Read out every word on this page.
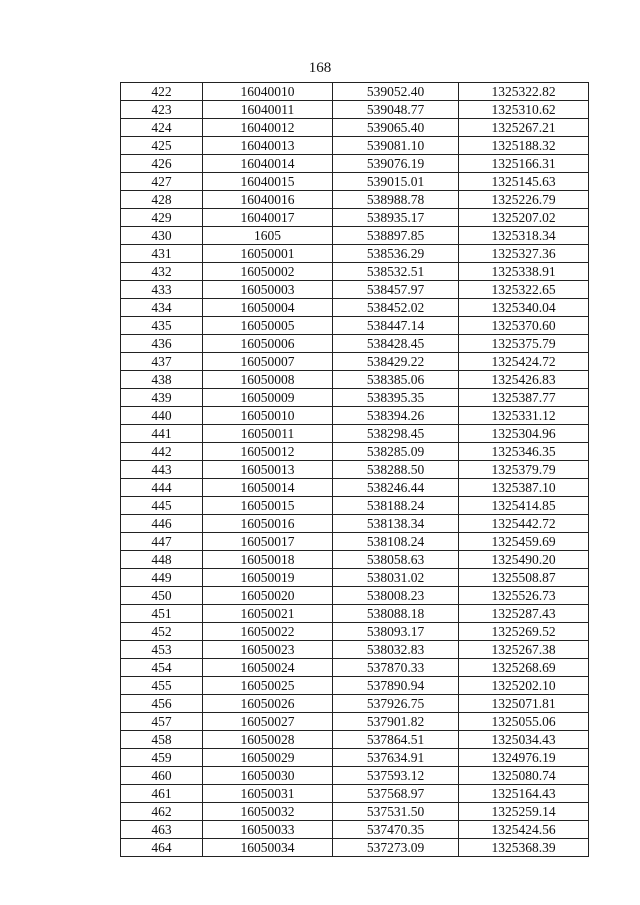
168
422	16040010	539052.40	1325322.82
423	16040011	539048.77	1325310.62
424	16040012	539065.40	1325267.21
425	16040013	539081.10	1325188.32
426	16040014	539076.19	1325166.31
427	16040015	539015.01	1325145.63
428	16040016	538988.78	1325226.79
429	16040017	538935.17	1325207.02
430	1605	538897.85	1325318.34
431	16050001	538536.29	1325327.36
432	16050002	538532.51	1325338.91
433	16050003	538457.97	1325322.65
434	16050004	538452.02	1325340.04
435	16050005	538447.14	1325370.60
436	16050006	538428.45	1325375.79
437	16050007	538429.22	1325424.72
438	16050008	538385.06	1325426.83
439	16050009	538395.35	1325387.77
440	16050010	538394.26	1325331.12
441	16050011	538298.45	1325304.96
442	16050012	538285.09	1325346.35
443	16050013	538288.50	1325379.79
444	16050014	538246.44	1325387.10
445	16050015	538188.24	1325414.85
446	16050016	538138.34	1325442.72
447	16050017	538108.24	1325459.69
448	16050018	538058.63	1325490.20
449	16050019	538031.02	1325508.87
450	16050020	538008.23	1325526.73
451	16050021	538088.18	1325287.43
452	16050022	538093.17	1325269.52
453	16050023	538032.83	1325267.38
454	16050024	537870.33	1325268.69
455	16050025	537890.94	1325202.10
456	16050026	537926.75	1325071.81
457	16050027	537901.82	1325055.06
458	16050028	537864.51	1325034.43
459	16050029	537634.91	1324976.19
460	16050030	537593.12	1325080.74
461	16050031	537568.97	1325164.43
462	16050032	537531.50	1325259.14
463	16050033	537470.35	1325424.56
464	16050034	537273.09	1325368.39
